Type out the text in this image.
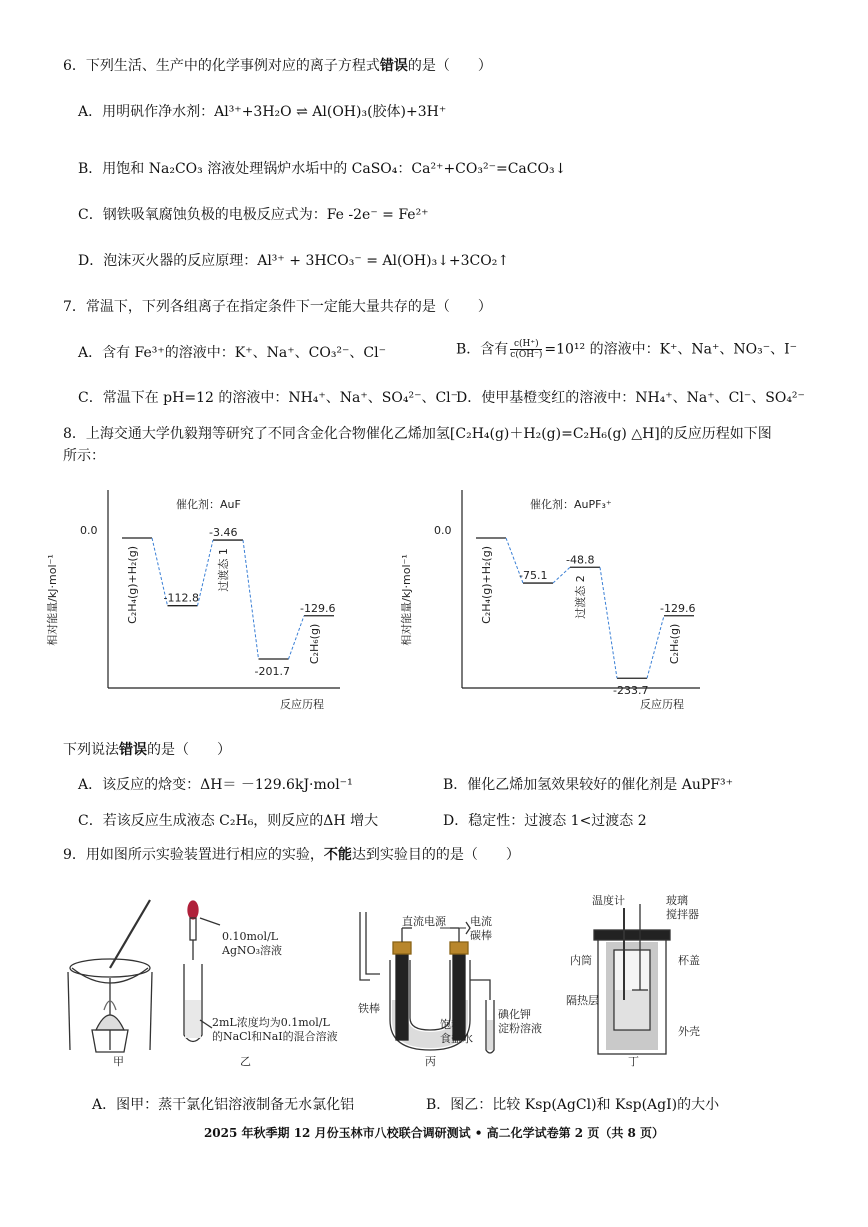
6．下列生活、生产中的化学事例对应的离子方程式错误的是（　　）
A．用明矾作净水剂：Al³⁺+3H₂O ⇌ Al(OH)₃(胶体)+3H⁺
B．用饱和 Na₂CO₃ 溶液处理锅炉水垢中的 CaSO₄：Ca²⁺+CO₃²⁻=CaCO₃↓
C．钢铁吸氧腐蚀负极的电极反应式为：Fe -2e⁻ = Fe²⁺
D．泡沫灭火器的反应原理：Al³⁺ + 3HCO₃⁻ = Al(OH)₃↓+3CO₂↑
7．常温下，下列各组离子在指定条件下一定能大量共存的是（　　）
A．含有 Fe³⁺的溶液中：K⁺、Na⁺、CO₃²⁻、Cl⁻	B．含有 $\frac{c(H^+)}{c(OH^-)} =10^{12}$ 的溶液中：K⁺、Na⁺、NO₃⁻、I⁻
C．常温下在 pH=12 的溶液中：NH₄⁺、Na⁺、SO₄²⁻、Cl⁻
D．使甲基橙变红的溶液中：NH₄⁺、Na⁺、Cl⁻、SO₄²⁻
8．上海交通大学仇毅翔等研究了不同含金化合物催化乙烯加氢[C₂H₄(g)＋H₂(g)=C₂H₆(g) △H]的反应历程如下图
所示：
相对能量/kJ·mol⁻¹
反应历程
催化剂：AuF
0.0
C₂H₄(g)+H₂(g) -112.8
-3.46
过渡态 1
-201.7
-129.6
C₂H₆(g)	相对能量/kJ·mol⁻¹
反应历程
催化剂：AuPF₃⁺
0.0
C₂H₄(g)+H₂(g) -75.1
-48.8
过渡态 2
-233.7
-129.6
C₂H₆(g)
下列说法错误的是（　　）
A．该反应的焓变：ΔH＝ －129.6kJ·mol⁻¹	B．催化乙烯加氢效果较好的催化剂是 AuPF³⁺
C．若该反应生成液态 C₂H₆，则反应的ΔH 增大	D．稳定性：过渡态 1<过渡态 2
9．用如图所示实验装置进行相应的实验，不能达到实验目的的是（　　）
甲
0.10mol/L
AgNO₃溶液
2mL浓度均为0.1mol/L
的NaCl和NaI的混合溶液
乙
直流电源 电流
碳棒
铁棒
饱和
食盐水
碘化钾
淀粉溶液
丙
温度计	玻璃
搅拌器
内筒	杯盖
隔热层
外壳
丁
A．图甲：蒸干氯化铝溶液制备无水氯化铝	B．图乙：比较 Ksp(AgCl)和 Ksp(AgI)的大小
2025 年秋季期 12 月份玉林市八校联合调研测试 • 高二化学试卷第 2 页（共 8 页）
